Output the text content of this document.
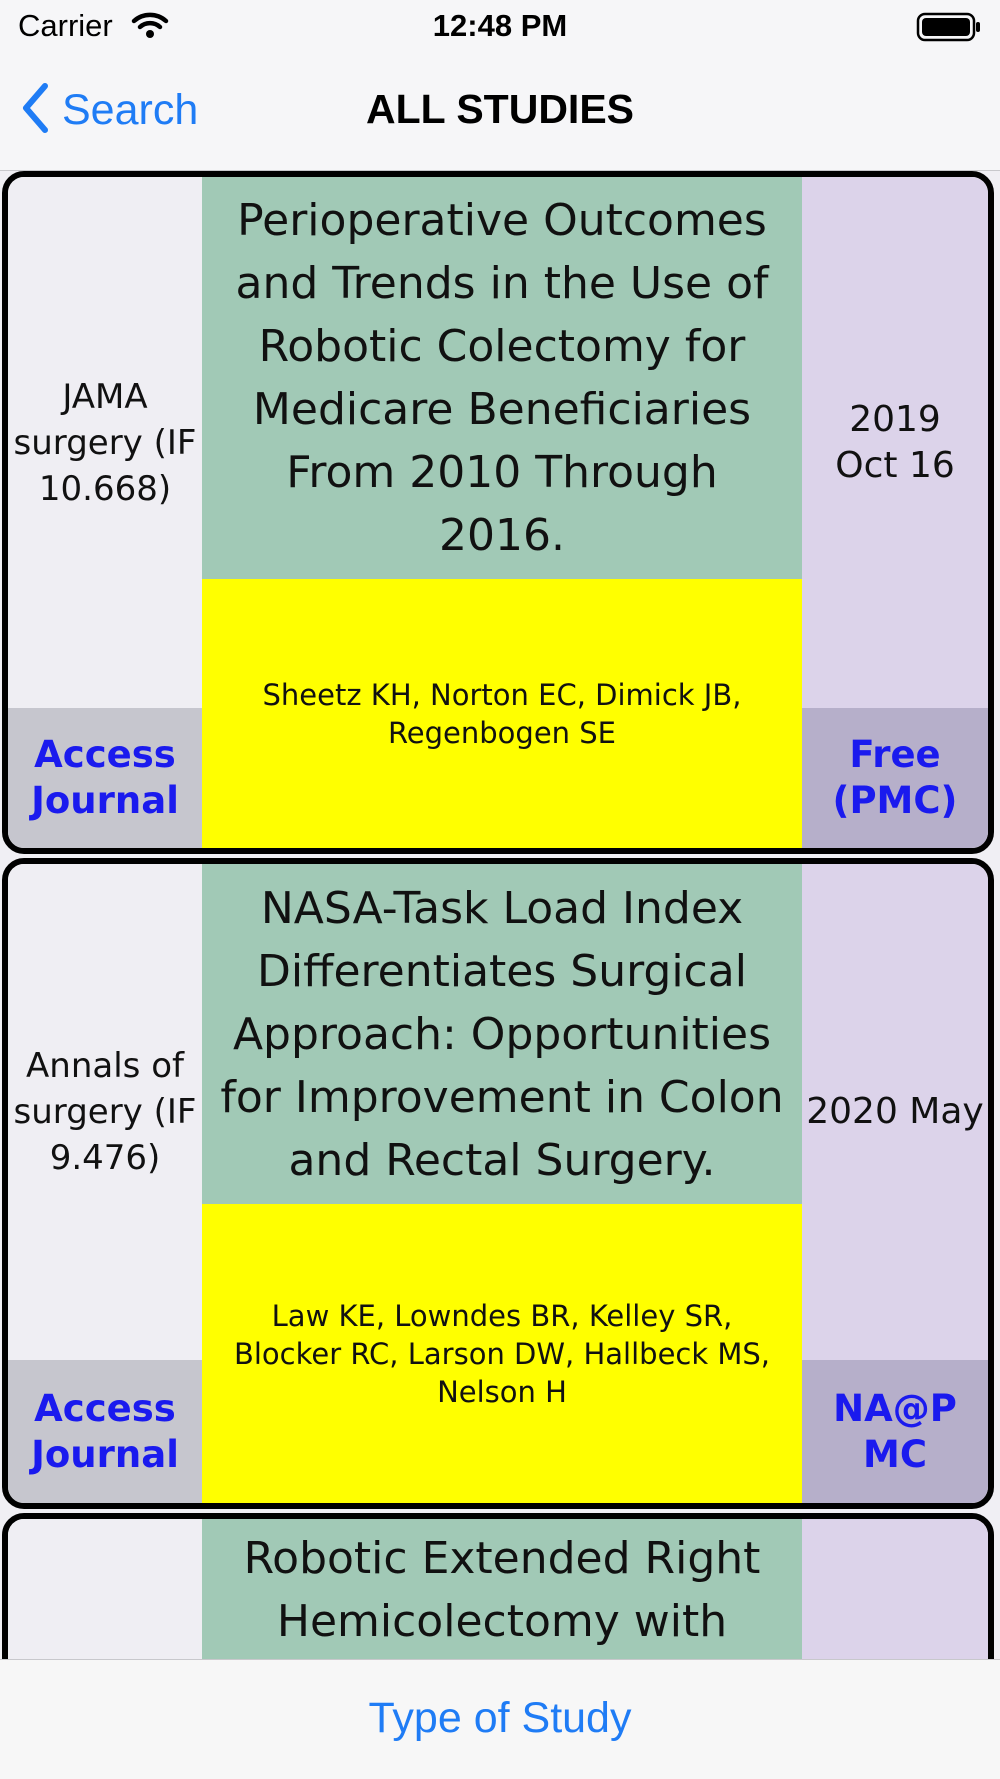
Carrier	12:48 PM
Search	ALL STUDIES
JAMA
surgery (IF
10.668)
Access
Journal
Perioperative Outcomes
and Trends in the Use of
Robotic Colectomy for
Medicare Beneficiaries
From 2010 Through
2016.
Sheetz KH, Norton EC, Dimick JB,
Regenbogen SE
2019
Oct 16
Free
(PMC)
Annals of
surgery (IF
9.476)
Access
Journal
NASA-Task Load Index
Differentiates Surgical
Approach: Opportunities
for Improvement in Colon
and Rectal Surgery.
Law KE, Lowndes BR, Kelley SR,
Blocker RC, Larson DW, Hallbeck MS,
Nelson H
2020 May
NA@P
MC
Robotic Extended Right
Hemicolectomy with
Type of Study
